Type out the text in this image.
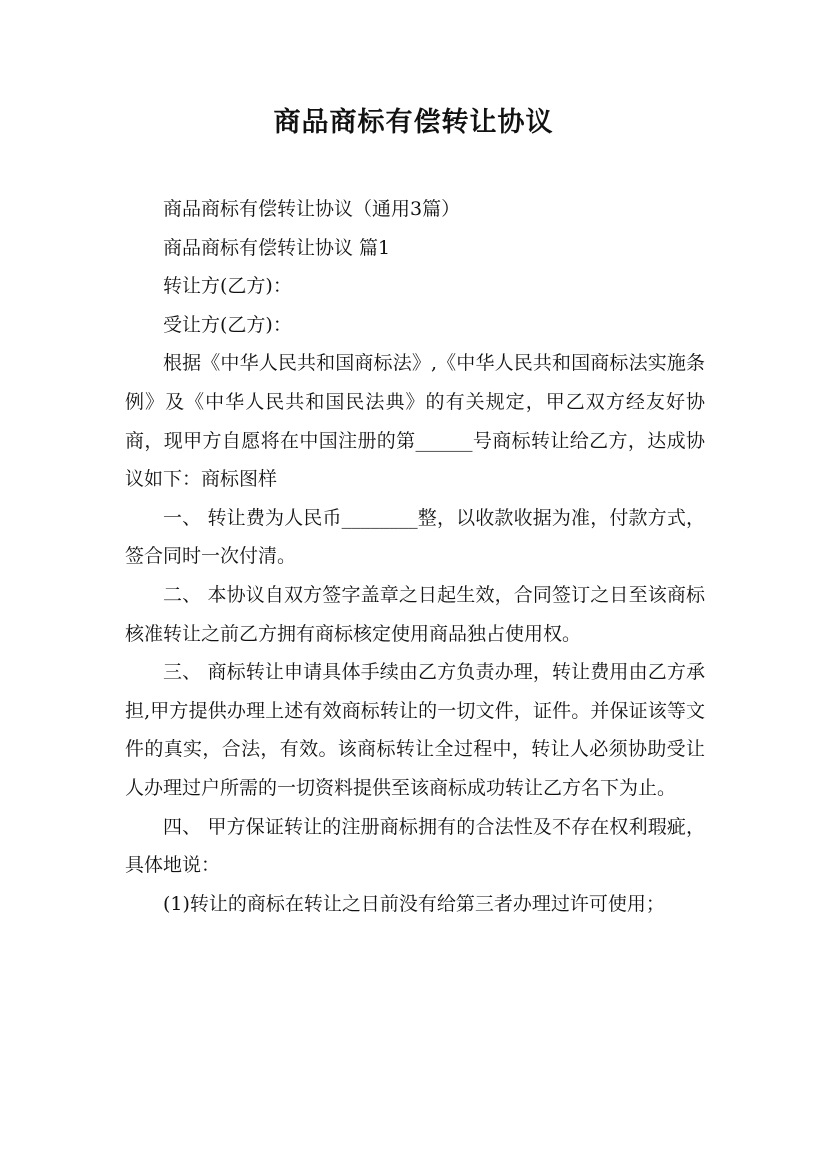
商品商标有偿转让协议

商品商标有偿转让协议（通用3篇）

商品商标有偿转让协议 篇1

转让方(乙方)：

受让方(乙方)：

根据《中华人民共和国商标法》,《中华人民共和国商标法实施条例》及《中华人民共和国民法典》的有关规定，甲乙双方经友好协商，现甲方自愿将在中国注册的第______号商标转让给乙方，达成协议如下：商标图样

一、 转让费为人民币________整，以收款收据为准，付款方式，签合同时一次付清。

二、 本协议自双方签字盖章之日起生效，合同签订之日至该商标核准转让之前乙方拥有商标核定使用商品独占使用权。

三、 商标转让申请具体手续由乙方负责办理，转让费用由乙方承担,甲方提供办理上述有效商标转让的一切文件，证件。并保证该等文件的真实，合法，有效。该商标转让全过程中，转让人必须协助受让人办理过户所需的一切资料提供至该商标成功转让乙方名下为止。

四、 甲方保证转让的注册商标拥有的合法性及不存在权利瑕疵，具体地说：

(1)转让的商标在转让之日前没有给第三者办理过许可使用；
